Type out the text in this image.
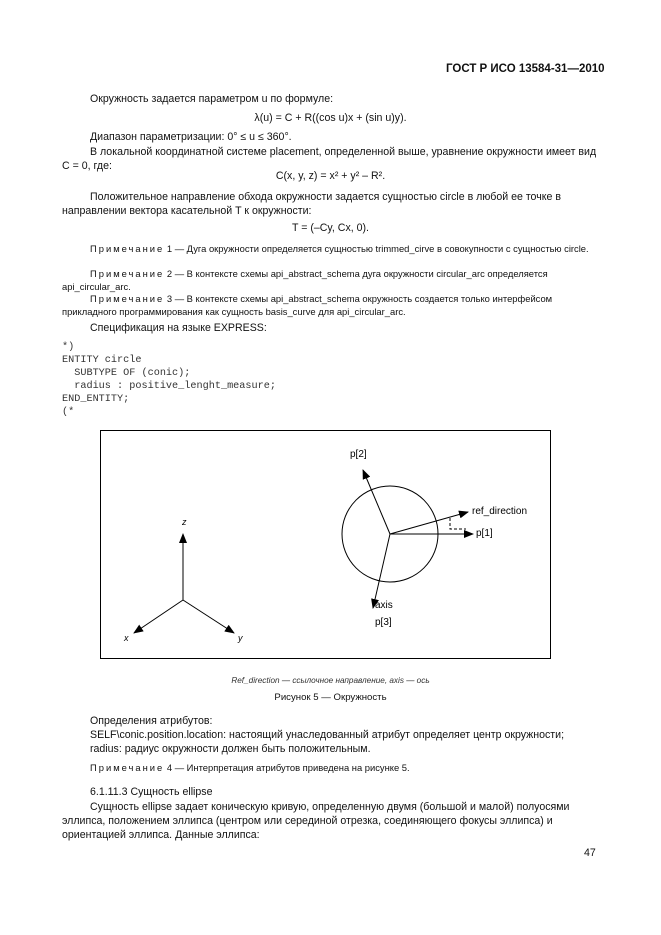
ГОСТ Р ИСО 13584-31—2010
Окружность задается параметром u по формуле:
λ(u) = C + R((cos u)x + (sin u)y).
Диапазон параметризации: 0° ≤ u ≤ 360°.
В локальной координатной системе placement, определенной выше, уравнение окружности имеет вид C = 0, где:
C(x, y, z) = x² + y² – R².
Положительное направление обхода окружности задается сущностью circle в любой ее точке в направлении вектора касательной T к окружности:
T = (–Cy, Cx, 0).
Примечание 1 — Дуга окружности определяется сущностью trimmed_cirve в совокупности с сущностью circle.
Примечание 2 — В контексте схемы api_abstract_schema дуга окружности circular_arc определяется api_circular_arc.
Примечание 3 — В контексте схемы api_abstract_schema окружность создается только интерфейсом прикладного программирования как сущность basis_curve для api_circular_arc.
Спецификация на языке EXPRESS:
*)
ENTITY circle
SUBTYPE OF (conic);
radius : positive_lenght_measure;
END_ENTITY;
(*
z
x	y
p[2]
ref_direction
p[1]
axis
p[3]
Ref_direction — ссылочное направление, axis — ось
Рисунок 5 — Окружность
Определения атрибутов:
SELF\conic.position.location: настоящий унаследованный атрибут определяет центр окружности;
radius: радиус окружности должен быть положительным.
Примечание 4 — Интерпретация атрибутов приведена на рисунке 5.
6.1.11.3 Сущность ellipse
Сущность ellipse задает коническую кривую, определенную двумя (большой и малой) полуосями эллипса, положением эллипса (центром или серединой отрезка, соединяющего фокусы эллипса) и ориентацией эллипса. Данные эллипса:
47
